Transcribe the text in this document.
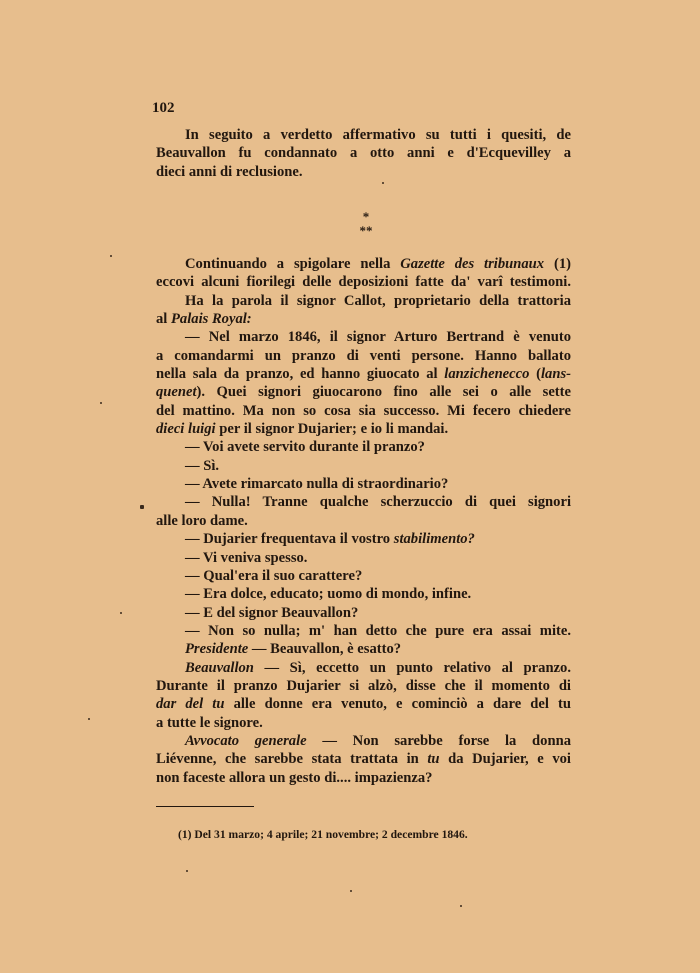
102
In seguito a verdetto affermativo su tutti i quesiti, de
Beauvallon fu condannato a otto anni e d'Ecquevilley a
dieci anni di reclusione.
*
**
Continuando a spigolare nella Gazette des tribunaux (1)
eccovi alcuni fiorilegi delle deposizioni fatte da' varî testimoni.
Ha la parola il signor Callot, proprietario della trattoria
al Palais Royal:
— Nel marzo 1846, il signor Arturo Bertrand è venuto
a comandarmi un pranzo di venti persone. Hanno ballato
nella sala da pranzo, ed hanno giuocato al lanzichenecco (lans-
quenet). Quei signori giuocarono fino alle sei o alle sette
del mattino. Ma non so cosa sia successo. Mi fecero chiedere
dieci luigi per il signor Dujarier; e io li mandai.
— Voi avete servito durante il pranzo?
— Sì.
— Avete rimarcato nulla di straordinario?
— Nulla! Tranne qualche scherzuccio di quei signori
alle loro dame.
— Dujarier frequentava il vostro stabilimento?
— Vi veniva spesso.
— Qual'era il suo carattere?
— Era dolce, educato; uomo di mondo, infine.
— E del signor Beauvallon?
— Non so nulla; m' han detto che pure era assai mite.
Presidente — Beauvallon, è esatto?
Beauvallon — Sì, eccetto un punto relativo al pranzo.
Durante il pranzo Dujarier si alzò, disse che il momento di
dar del tu alle donne era venuto, e cominciò a dare del tu
a tutte le signore.
Avvocato generale — Non sarebbe forse la donna
Liévenne, che sarebbe stata trattata in tu da Dujarier, e voi
non faceste allora un gesto di.... impazienza?
(1) Del 31 marzo; 4 aprile; 21 novembre; 2 decembre 1846.
